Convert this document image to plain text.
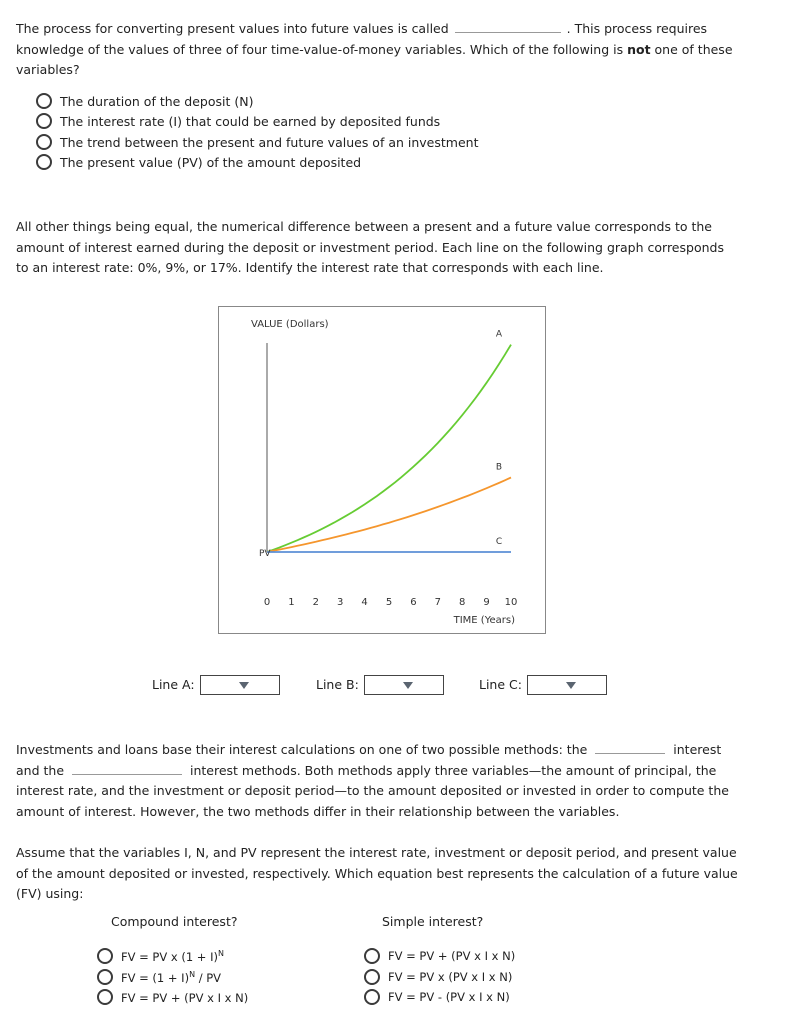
The process for converting present values into future values is called	. This process requires knowledge of the values of three of four time-value-of-money variables. Which of the following is not one of these variables?

The duration of the deposit (N)
The interest rate (I) that could be earned by deposited funds
The trend between the present and future values of an investment
The present value (PV) of the amount deposited

All other things being equal, the numerical difference between a present and a future value corresponds to the amount of interest earned during the deposit or investment period. Each line on the following graph corresponds to an interest rate: 0%, 9%, or 17%. Identify the interest rate that corresponds with each line.

VALUE (Dollars)
TIME (Years)
0 1 2 3 4 5 6 7 8 9 10
A
B
C
PV
Line A:	Line B:	Line C:

Investments and loans base their interest calculations on one of two possible methods: the	interest and the	interest methods. Both methods apply three variables—the amount of principal, the interest rate, and the investment or deposit period—to the amount deposited or invested in order to compute the amount of interest. However, the two methods differ in their relationship between the variables.

Assume that the variables I, N, and PV represent the interest rate, investment or deposit period, and present value of the amount deposited or invested, respectively. Which equation best represents the calculation of a future value (FV) using:

Compound interest?	Simple interest?
FV = PV x $(1 + I)^N$
FV = $(1 + I)^N$ / PV
FV = PV + (PV x I x N)
FV = PV + (PV x I x N)
FV = PV x (PV x I x N)
FV = PV - (PV x I x N)
